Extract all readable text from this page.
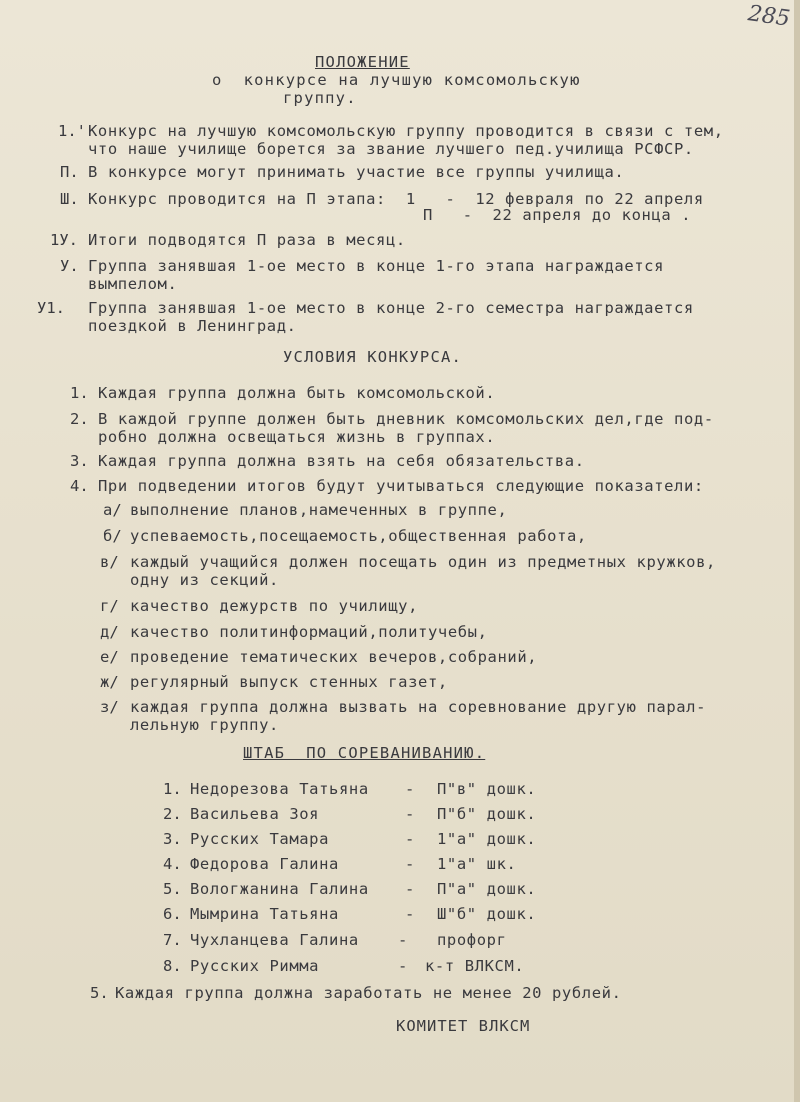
285
ПОЛОЖЕНИЕ
о  конкурсе на лучшую комсомольскую
группу.
1.' Конкурс на лучшую комсомольскую группу проводится в связи с тем,
что наше училище борется за звание лучшего пед.училища РСФСР.
П. В конкурсе могут принимать участие все группы училища.
Ш. Конкурс проводится на П этапа:  1   -  12 февраля по 22 апреля
П   -  22 апреля до конца .
1У. Итоги подводятся П раза в месяц.
У. Группа занявшая 1-ое место в конце 1-го этапа награждается
вымпелом.
У1. Группа занявшая 1-ое место в конце 2-го семестра награждается
поездкой в Ленинград.
УСЛОВИЯ КОНКУРСА.
1. Каждая группа должна быть комсомольской.
2. В каждой группе должен быть дневник комсомольских дел,где под-
робно должна освещаться жизнь в группах.
3. Каждая группа должна взять на себя обязательства.
4. При подведении итогов будут учитываться следующие показатели:
а/ выполнение планов,намеченных в группе,
б/ успеваемость,посещаемость,общественная работа,
в/ каждый учащийся должен посещать один из предметных кружков,
одну из секций.
г/ качество дежурств по училищу,
д/ качество политинформаций,политучебы,
е/ проведение тематических вечеров,собраний,
ж/ регулярный выпуск стенных газет,
з/ каждая группа должна вызвать на соревнование другую парал-
лельную группу.
ШТАБ  ПО СОРЕВАНИВАНИЮ.
1. Недорезова Татьяна - П"в" дошк.
2. Васильева Зоя	- П"б" дошк.
3. Русских Тамара	- 1"а" дошк.
4. Федорова Галина	- 1"а" шк.
5. Вологжанина Галина - П"а" дошк.
6. Мымрина Татьяна	- Ш"б" дошк.
7. Чухланцева Галина	- профорг
8. Русских Римма	- к-т ВЛКСМ.
5. Каждая группа должна заработать не менее 20 рублей.
КОМИТЕТ ВЛКСМ
